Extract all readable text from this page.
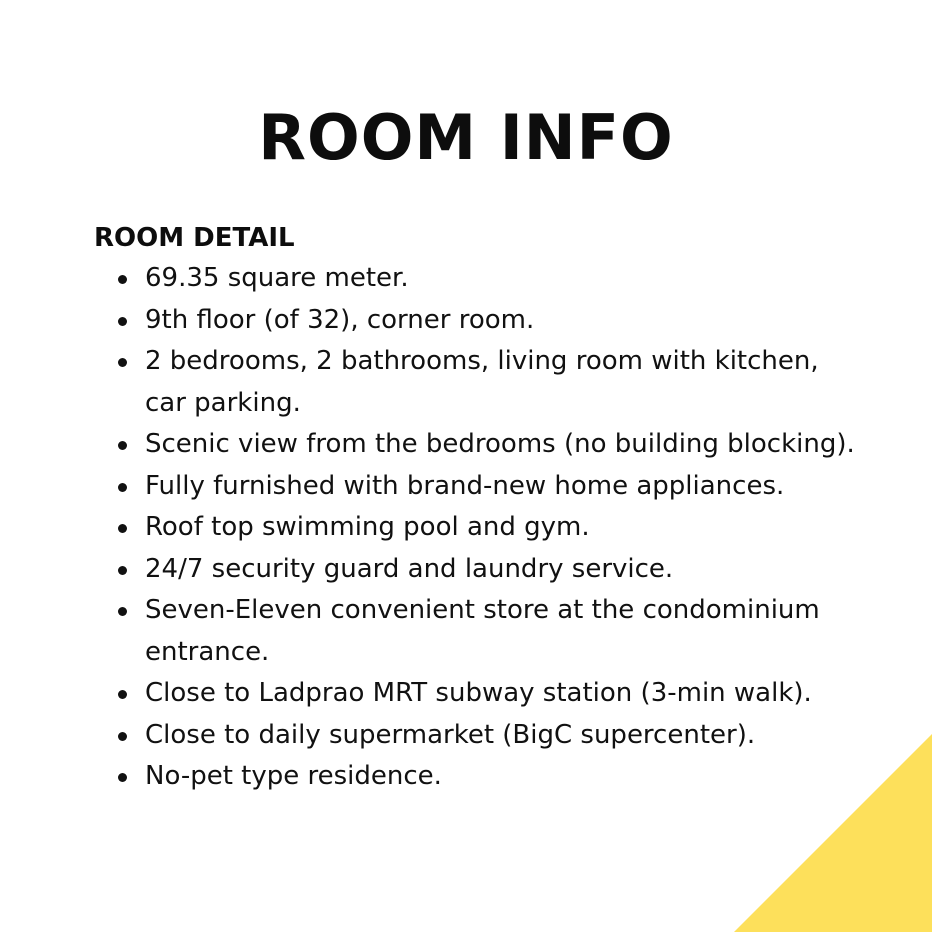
ROOM INFO
ROOM DETAIL
69.35 square meter.
9th floor (of 32), corner room.
2 bedrooms, 2 bathrooms, living room with kitchen, car parking.
Scenic view from the bedrooms (no building blocking).
Fully furnished with brand-new home appliances.
Roof top swimming pool and gym.
24/7 security guard and laundry service.
Seven-Eleven convenient store at the condominium entrance.
Close to Ladprao MRT subway station (3-min walk).
Close to daily supermarket (BigC supercenter).
No-pet type residence.
